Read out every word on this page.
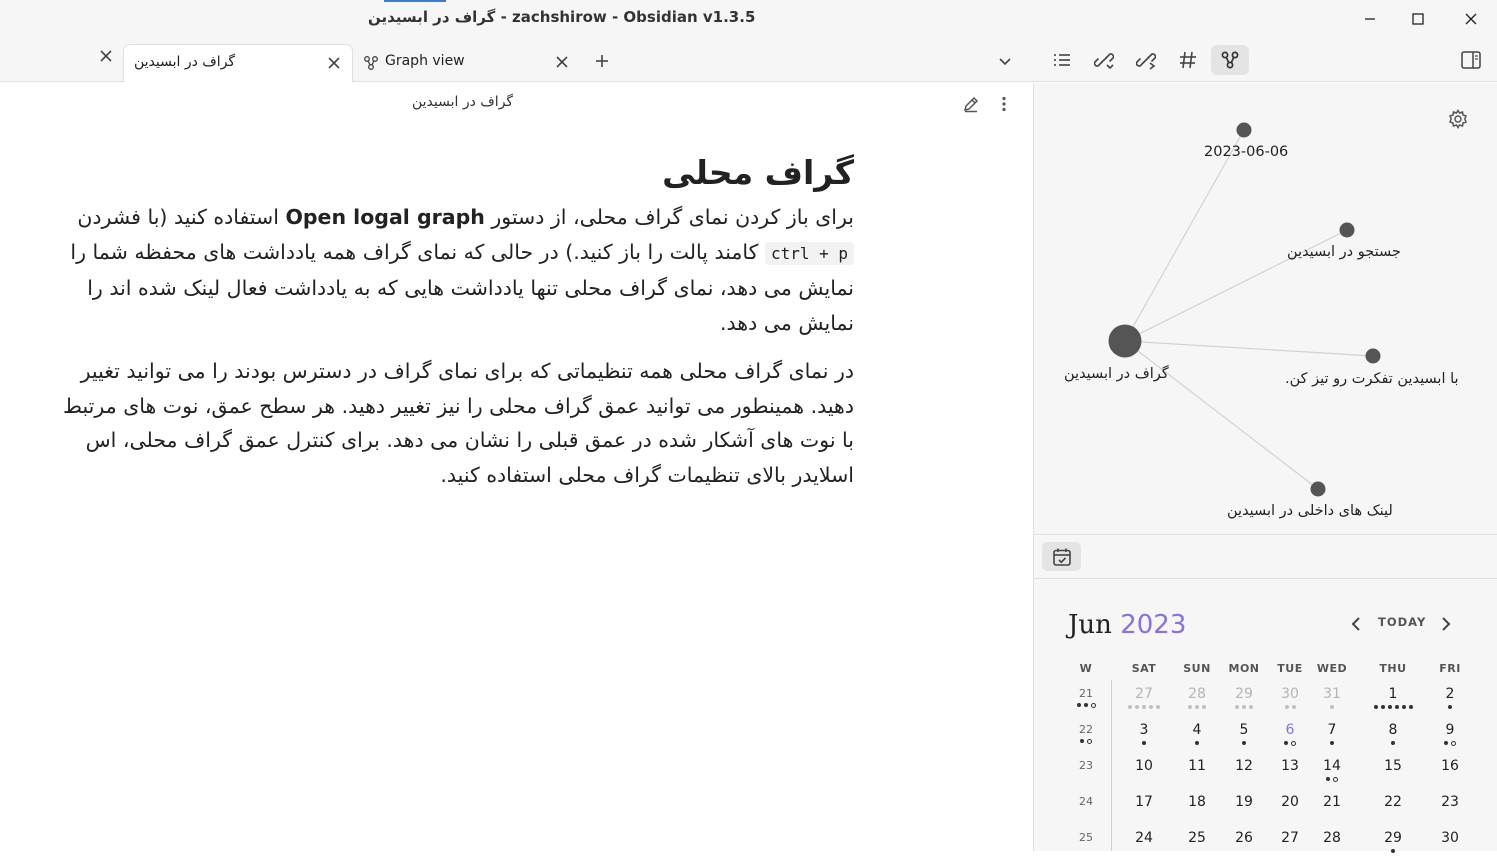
گراف در ابسیدین - zachshirow - Obsidian v1.3.5
گراف در ابسیدین	Graph view
گراف در ابسیدین
گراف محلی

برای باز کردن نمای گراف محلی، از دستور Open logal graph استفاده کنید (با فشردن ctrl + p کامند پالت را باز کنید.) در حالی که نمای گراف همه یادداشت های محفظه شما را نمایش می دهد، نمای گراف محلی تنها یادداشت هایی که به یادداشت فعال لینک شده اند را نمایش می دهد.

در نمای گراف محلی همه تنظیماتی که برای نمای گراف در دسترس بودند را می توانید تغییر دهید. همینطور می توانید عمق گراف محلی را نیز تغییر دهید. هر سطح عمق، نوت های مرتبط با نوت های آشکار شده در عمق قبلی را نشان می دهد. برای کنترل عمق گراف محلی، اس اسلایدر بالای تنظیمات گراف محلی استفاده کنید.

2023-06-06
جستجو در ابسیدین
گراف در ابسیدین	.با ابسیدین تفکرت رو تیز کن
لینک های داخلی در ابسیدین
Jun 2023	TODAY
W	SAT SUN MON TUE WED	THU	FRI
21	27	28	29	30	31	1	2
22	3	4	5	6	7	8	9
23	10	11	12	13	14	15	16
24	17	18	19	20	21	22	23
25	24	25	26	27	28	29	30
